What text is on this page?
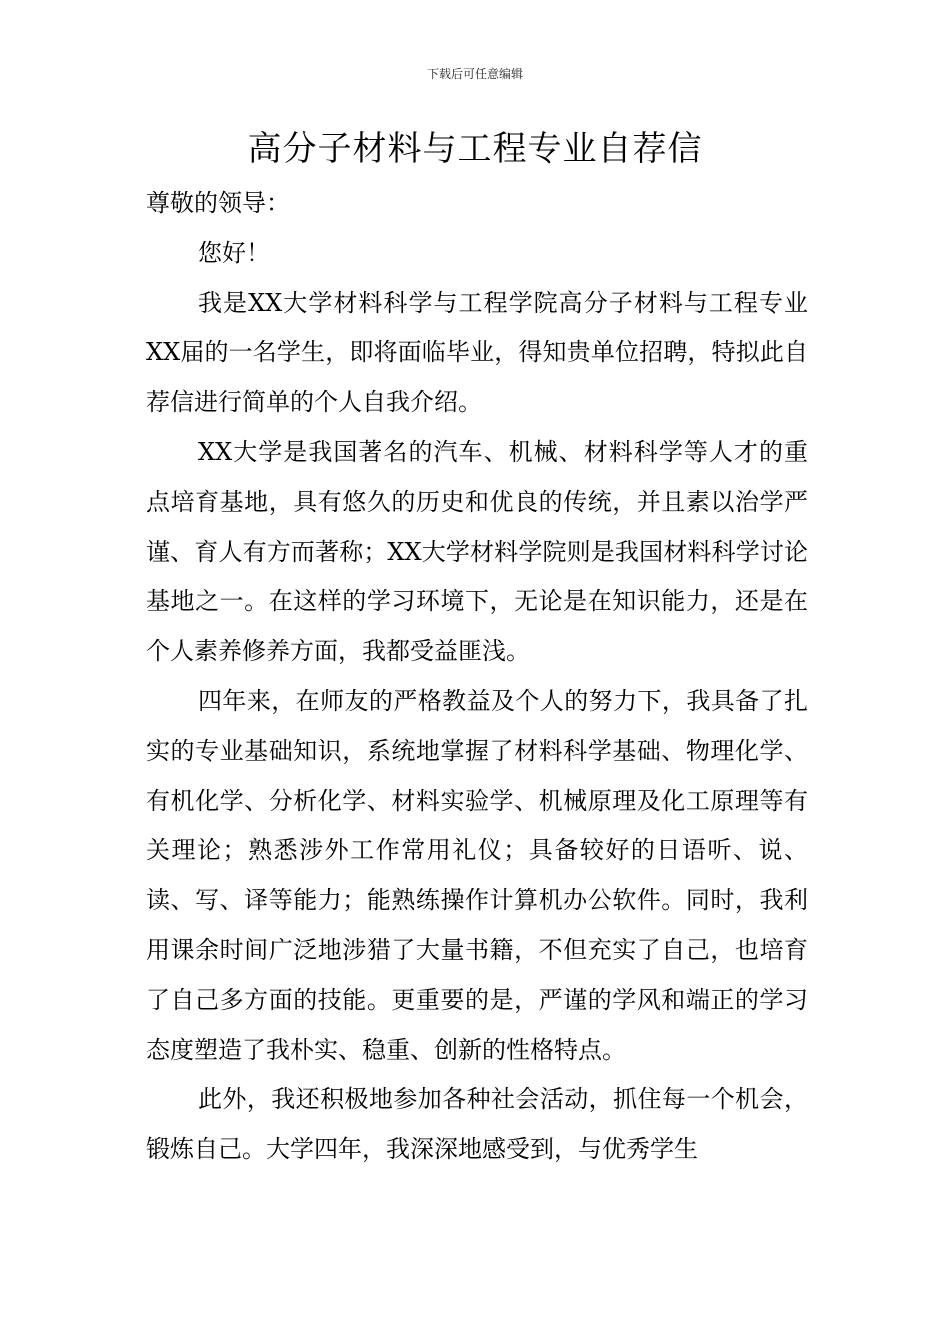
下载后可任意编辑
高分子材料与工程专业自荐信

尊敬的领导：

您好！

我是XX大学材料科学与工程学院高分子材料与工程专业XX届的一名学生，即将面临毕业，得知贵单位招聘，特拟此自荐信进行简单的个人自我介绍。

XX大学是我国著名的汽车、机械、材料科学等人才的重点培育基地，具有悠久的历史和优良的传统，并且素以治学严谨、育人有方而著称；XX大学材料学院则是我国材料科学讨论基地之一。在这样的学习环境下，无论是在知识能力，还是在个人素养修养方面，我都受益匪浅。

四年来，在师友的严格教益及个人的努力下，我具备了扎实的专业基础知识，系统地掌握了材料科学基础、物理化学、有机化学、分析化学、材料实验学、机械原理及化工原理等有关理论；熟悉涉外工作常用礼仪；具备较好的日语听、说、读、写、译等能力；能熟练操作计算机办公软件。同时，我利用课余时间广泛地涉猎了大量书籍，不但充实了自己，也培育了自己多方面的技能。更重要的是，严谨的学风和端正的学习态度塑造了我朴实、稳重、创新的性格特点。

此外，我还积极地参加各种社会活动，抓住每一个机会，锻炼自己。大学四年，我深深地感受到，与优秀学生
